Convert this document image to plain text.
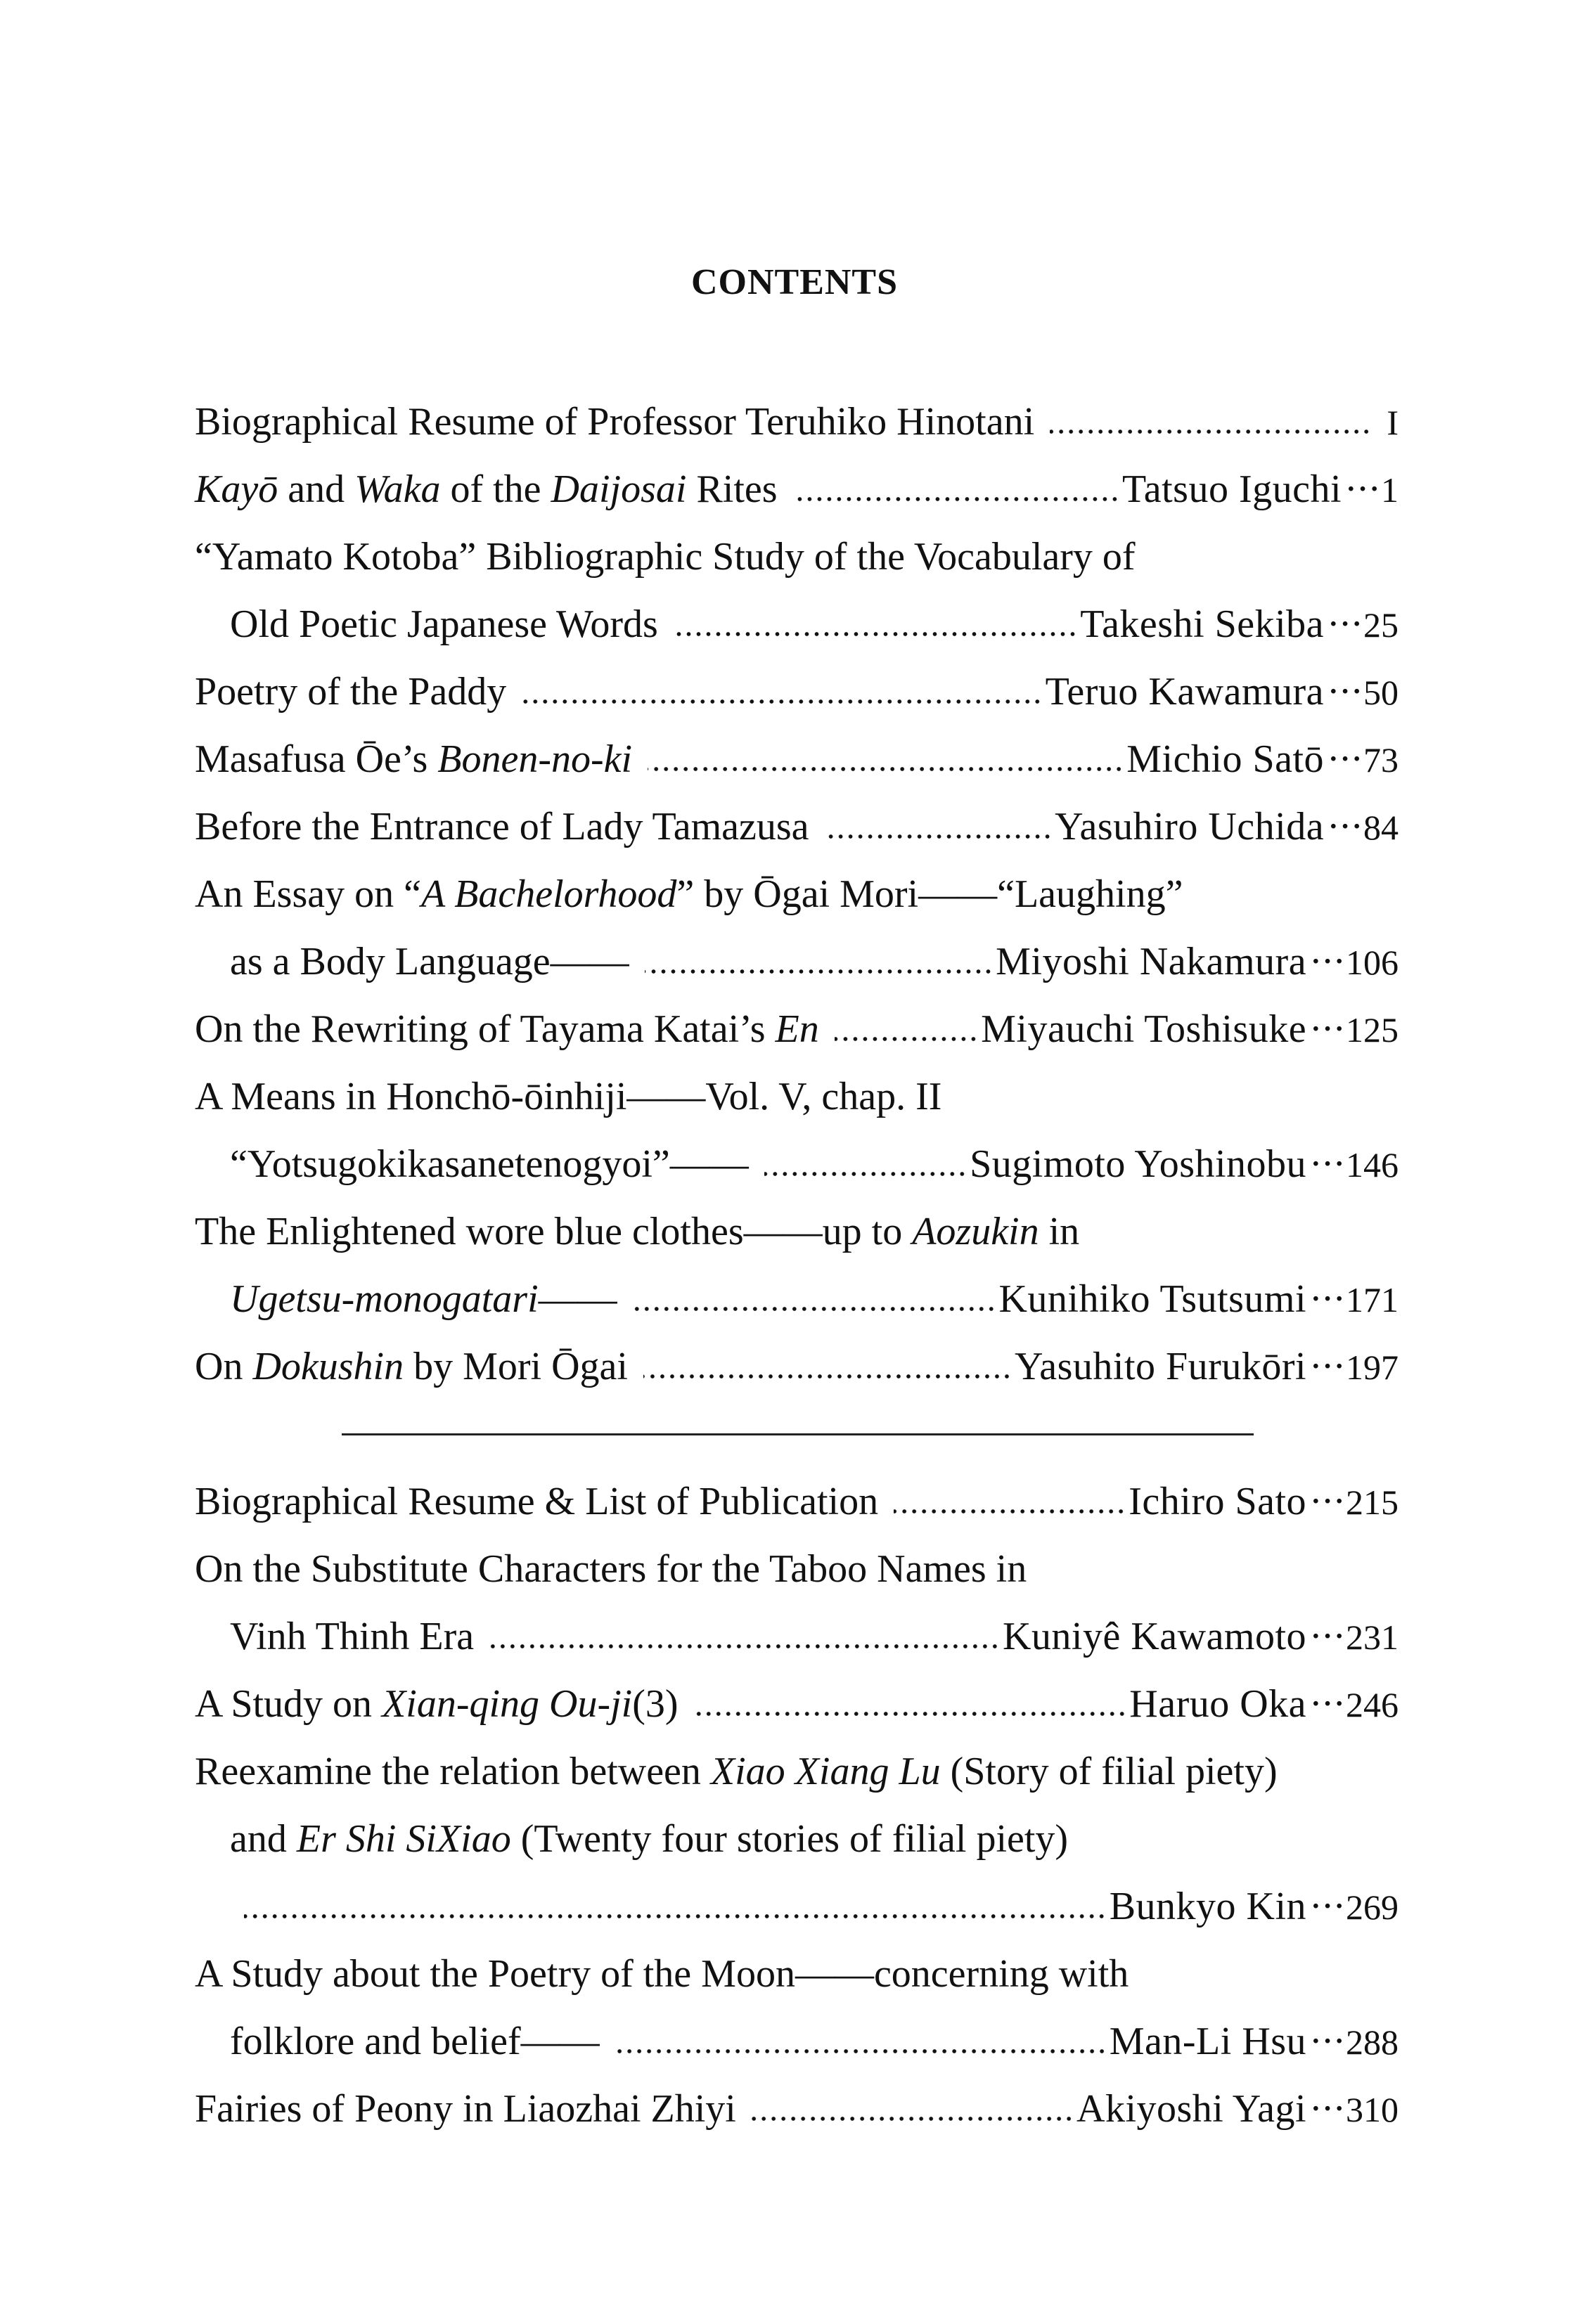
CONTENTS
Biographical Resume of Professor Teruhiko Hinotani	I
Kayō and Waka of the Daijosai Rites	Tatsuo Iguchi ··· 1
“Yamato Kotoba” Bibliographic Study of the Vocabulary of
Old Poetic Japanese Words	Takeshi Sekiba ··· 25
Poetry of the Paddy	Teruo Kawamura ··· 50
Masafusa Ōe’s Bonen-no-ki	Michio Satō ··· 73
Before the Entrance of Lady Tamazusa	Yasuhiro Uchida ··· 84
An Essay on “A Bachelorhood” by Ōgai Mori——“Laughing”
as a Body Language——	Miyoshi Nakamura ··· 106
On the Rewriting of Tayama Katai’s En	Miyauchi Toshisuke ··· 125
A Means in Honchō-ōinhiji——Vol. V, chap. II
“Yotsugokikasanetenogyoi”——	Sugimoto Yoshinobu ··· 146
The Enlightened wore blue clothes——up to Aozukin in
Ugetsu-monogatari——	Kunihiko Tsutsumi ··· 171
On Dokushin by Mori Ōgai	Yasuhito Furukōri ··· 197
Biographical Resume & List of Publication	Ichiro Sato ··· 215
On the Substitute Characters for the Taboo Names in
Vinh Thinh Era	Kuniyê Kawamoto ··· 231
A Study on Xian-qing Ou-ji(3)	Haruo Oka ··· 246
Reexamine the relation between Xiao Xiang Lu (Story of filial piety)
and Er Shi SiXiao (Twenty four stories of filial piety)
Bunkyo Kin ··· 269
A Study about the Poetry of the Moon——concerning with
folklore and belief——	Man-Li Hsu ··· 288
Fairies of Peony in Liaozhai Zhiyi	Akiyoshi Yagi ··· 310
